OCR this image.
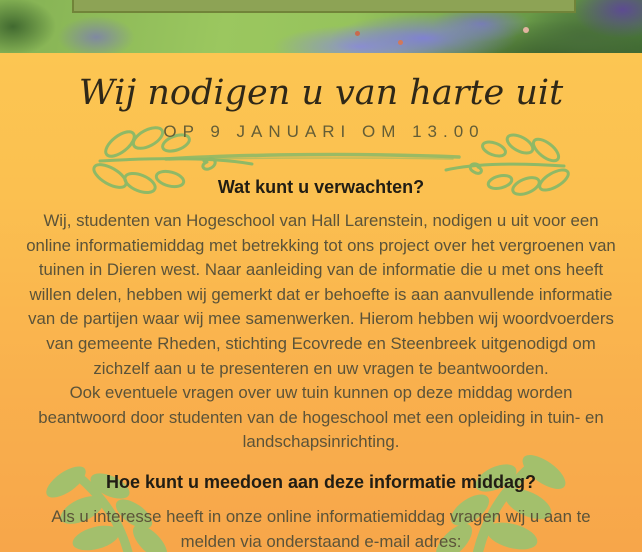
Wij nodigen u van harte uit
OP 9 JANUARI OM 13.00
Wat kunt u verwachten?

Wij, studenten van Hogeschool van Hall Larenstein, nodigen u uit voor een online informatiemiddag met betrekking tot ons project over het vergroenen van tuinen in Dieren west. Naar aanleiding van de informatie die u met ons heeft willen delen, hebben wij gemerkt dat er behoefte is aan aanvullende informatie van de partijen waar wij mee samenwerken. Hierom hebben wij woordvoerders van gemeente Rheden, stichting Ecovrede en Steenbreek uitgenodigd om zichzelf aan u te presenteren en uw vragen te beantwoorden.

Ook eventuele vragen over uw tuin kunnen op deze middag worden beantwoord door studenten van de hogeschool met een opleiding in tuin- en landschapsinrichting.

Hoe kunt u meedoen aan deze informatie middag?

Als u interesse heeft in onze online informatiemiddag vragen wij u aan te melden via onderstaand e-mail adres:
